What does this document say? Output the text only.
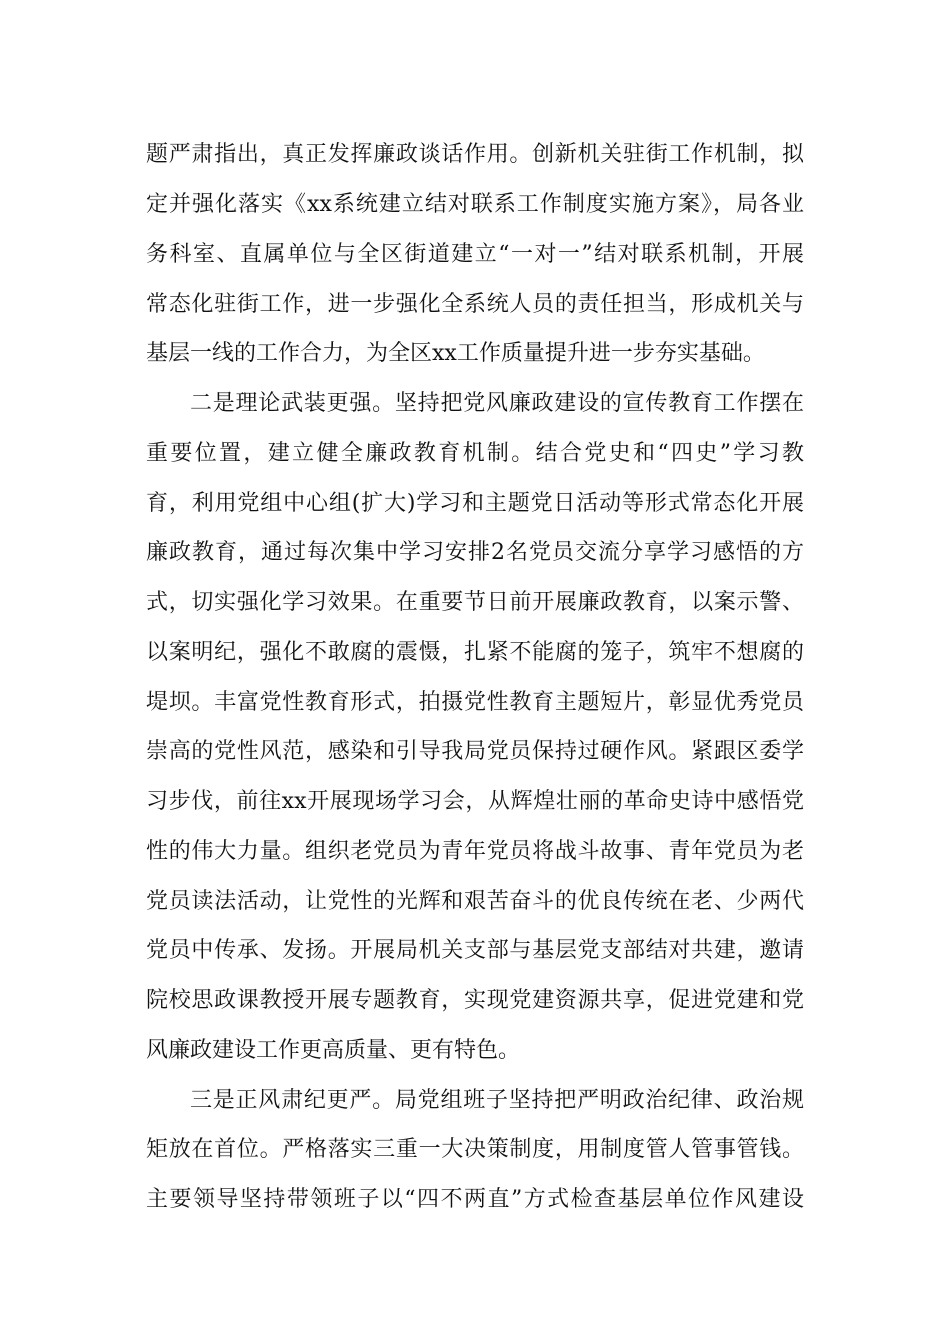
题严肃指出，真正发挥廉政谈话作用。创新机关驻街工作机制，拟
定并强化落实《xx系统建立结对联系工作制度实施方案》，局各业
务科室、直属单位与全区街道建立“一对一”结对联系机制，开展
常态化驻街工作，进一步强化全系统人员的责任担当，形成机关与
基层一线的工作合力，为全区xx工作质量提升进一步夯实基础。
二是理论武装更强。坚持把党风廉政建设的宣传教育工作摆在
重要位置，建立健全廉政教育机制。结合党史和“四史”学习教
育，利用党组中心组(扩大)学习和主题党日活动等形式常态化开展
廉政教育，通过每次集中学习安排2名党员交流分享学习感悟的方
式，切实强化学习效果。在重要节日前开展廉政教育，以案示警、
以案明纪，强化不敢腐的震慑，扎紧不能腐的笼子，筑牢不想腐的
堤坝。丰富党性教育形式，拍摄党性教育主题短片，彰显优秀党员
崇高的党性风范，感染和引导我局党员保持过硬作风。紧跟区委学
习步伐，前往xx开展现场学习会，从辉煌壮丽的革命史诗中感悟党
性的伟大力量。组织老党员为青年党员将战斗故事、青年党员为老
党员读法活动，让党性的光辉和艰苦奋斗的优良传统在老、少两代
党员中传承、发扬。开展局机关支部与基层党支部结对共建，邀请
院校思政课教授开展专题教育，实现党建资源共享，促进党建和党
风廉政建设工作更高质量、更有特色。
三是正风肃纪更严。局党组班子坚持把严明政治纪律、政治规
矩放在首位。严格落实三重一大决策制度，用制度管人管事管钱。
主要领导坚持带领班子以“四不两直”方式检查基层单位作风建设
